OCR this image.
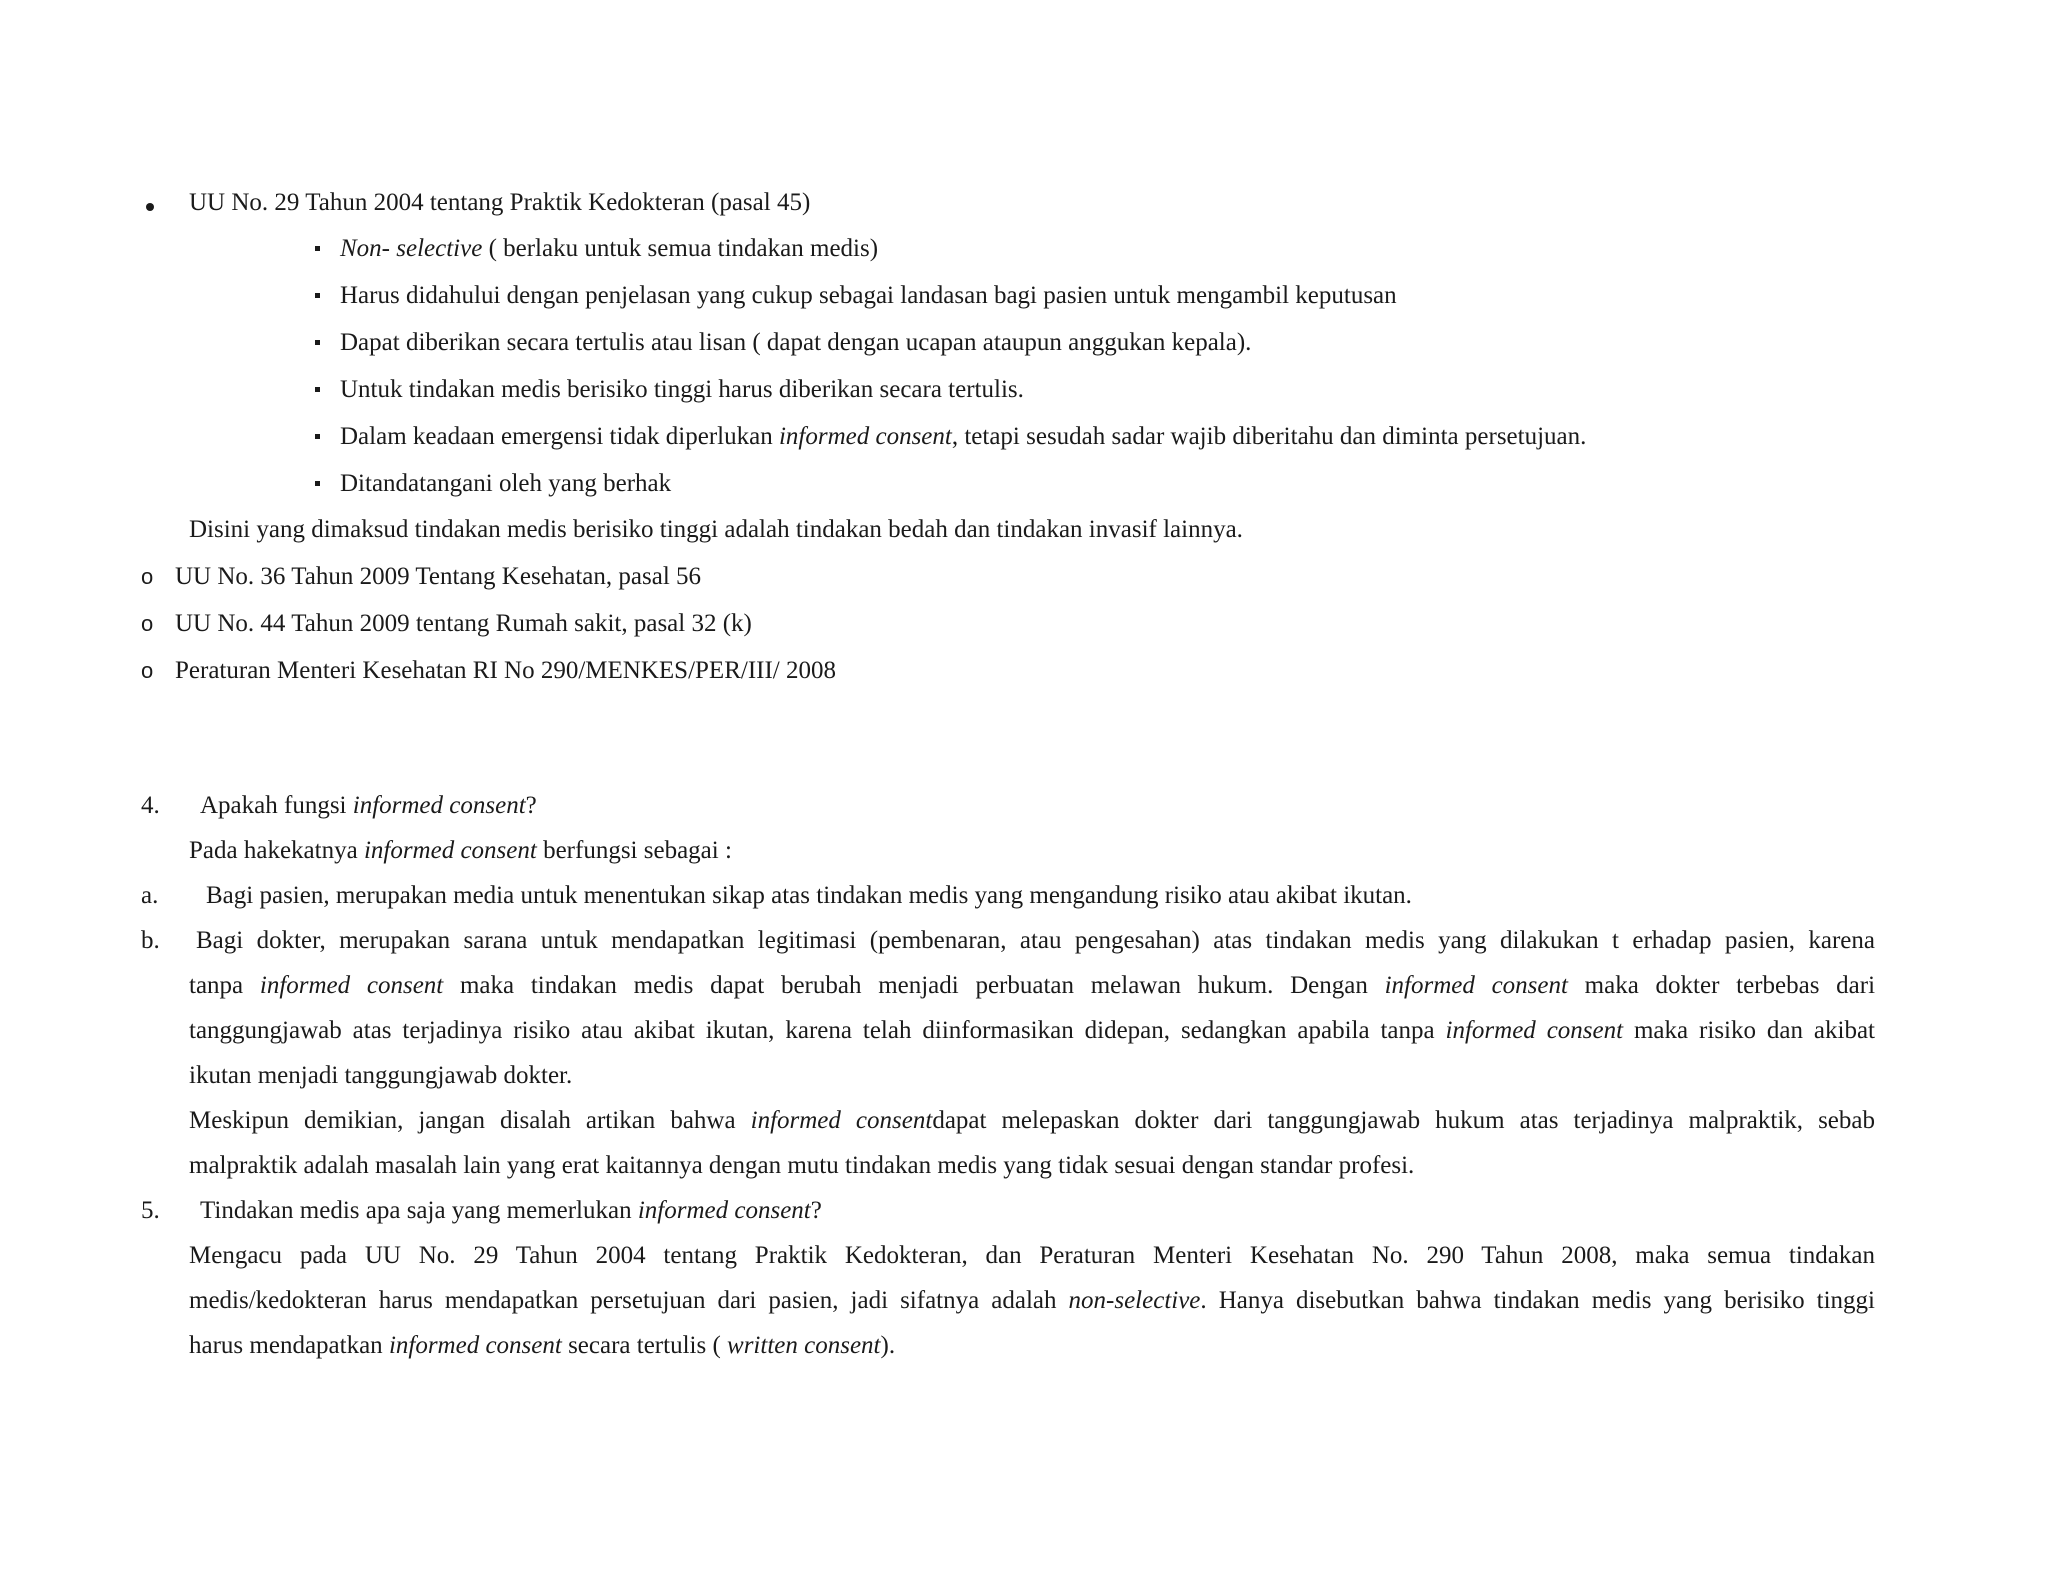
UU No. 29 Tahun 2004 tentang Praktik Kedokteran (pasal 45)
Non- selective ( berlaku untuk semua tindakan medis)
Harus didahului dengan penjelasan yang cukup sebagai landasan bagi pasien untuk mengambil keputusan
Dapat diberikan secara tertulis atau lisan ( dapat dengan ucapan ataupun anggukan kepala).
Untuk tindakan medis berisiko tinggi harus diberikan secara tertulis.
Dalam keadaan emergensi tidak diperlukan informed consent, tetapi sesudah sadar wajib diberitahu dan diminta persetujuan.
Ditandatangani oleh yang berhak
Disini yang dimaksud tindakan medis berisiko tinggi adalah tindakan bedah dan tindakan invasif lainnya.
o UU No. 36 Tahun 2009 Tentang Kesehatan, pasal 56
o UU No. 44 Tahun 2009 tentang Rumah sakit, pasal 32 (k)
o Peraturan Menteri Kesehatan RI No 290/MENKES/PER/III/ 2008
4. Apakah fungsi informed consent?
Pada hakekatnya informed consent berfungsi sebagai :
a. Bagi pasien, merupakan media untuk menentukan sikap atas tindakan medis yang mengandung risiko atau akibat ikutan.
b. Bagi dokter, merupakan sarana untuk mendapatkan legitimasi (pembenaran, atau pengesahan) atas tindakan medis yang dilakukan t erhadap pasien, karena
tanpa informed consent maka tindakan medis dapat berubah menjadi perbuatan melawan hukum. Dengan informed consent maka dokter terbebas dari
tanggungjawab atas terjadinya risiko atau akibat ikutan, karena telah diinformasikan didepan, sedangkan apabila tanpa informed consent maka risiko dan akibat
ikutan menjadi tanggungjawab dokter.
Meskipun demikian, jangan disalah artikan bahwa informed consentdapat melepaskan dokter dari tanggungjawab hukum atas terjadinya malpraktik, sebab
malpraktik adalah masalah lain yang erat kaitannya dengan mutu tindakan medis yang tidak sesuai dengan standar profesi.
5. Tindakan medis apa saja yang memerlukan informed consent?
Mengacu pada UU No. 29 Tahun 2004 tentang Praktik Kedokteran, dan Peraturan Menteri Kesehatan No. 290 Tahun 2008, maka semua tindakan
medis/kedokteran harus mendapatkan persetujuan dari pasien, jadi sifatnya adalah non-selective. Hanya disebutkan bahwa tindakan medis yang berisiko tinggi
harus mendapatkan informed consent secara tertulis ( written consent).
